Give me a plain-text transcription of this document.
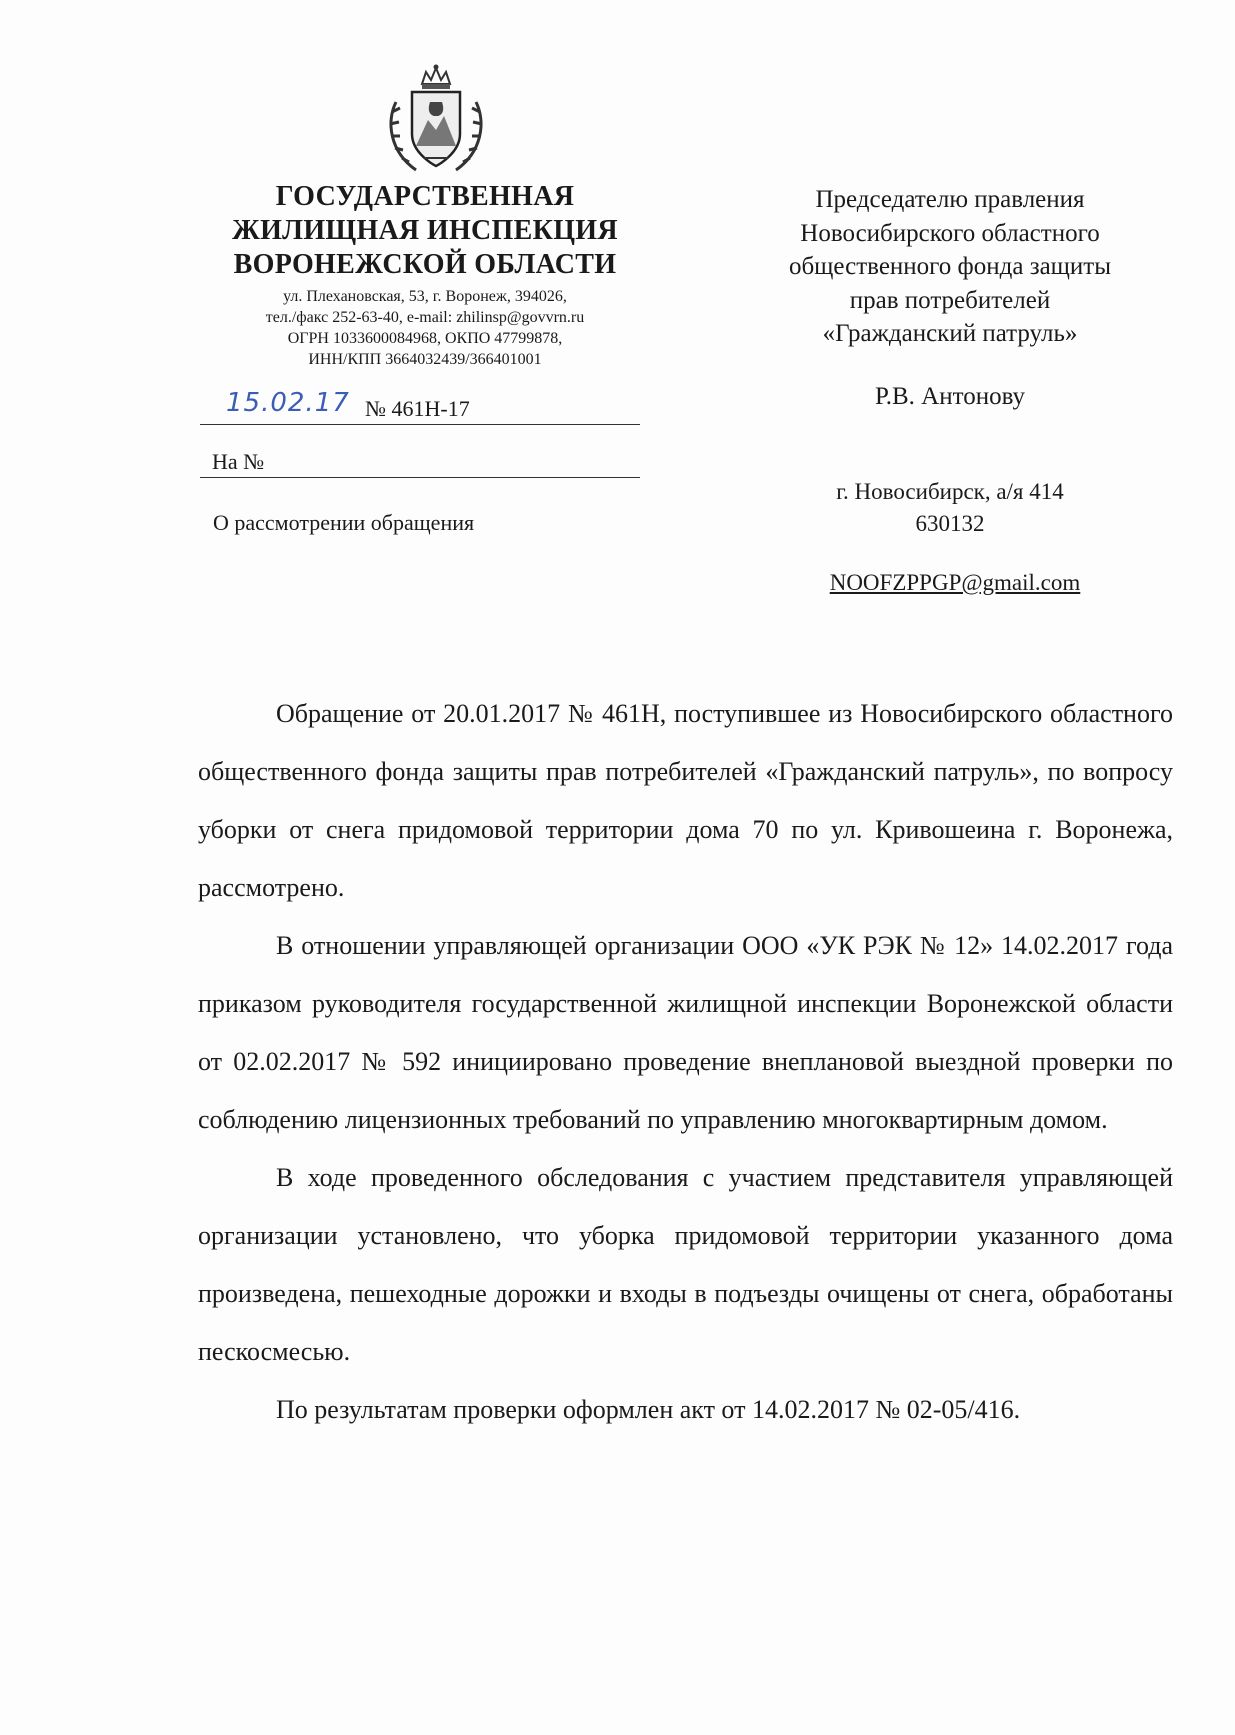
ГОСУДАРСТВЕННАЯ
ЖИЛИЩНАЯ ИНСПЕКЦИЯ
ВОРОНЕЖСКОЙ ОБЛАСТИ
ул. Плехановская, 53, г. Воронеж, 394026,
тел./факс 252-63-40, e-mail: zhilinsp@govvrn.ru
ОГРН 1033600084968, ОКПО 47799878,
ИНН/КПП 3664032439/366401001
15.02.17 № 461Н-17
На №
О рассмотрении обращения
Председателю правления
Новосибирского областного
общественного фонда защиты
прав потребителей
«Гражданский патруль»
Р.В. Антонову
г. Новосибирск, а/я 414
630132
NOOFZPPGP@gmail.com

Обращение от 20.01.2017 № 461Н, поступившее из Новосибирского областного общественного фонда защиты прав потребителей «Гражданский патруль», по вопросу уборки от снега придомовой территории дома 70 по ул. Кривошеина г. Воронежа, рассмотрено.

В отношении управляющей организации ООО «УК РЭК № 12» 14.02.2017 года приказом руководителя государственной жилищной инспекции Воронежской области от 02.02.2017 № 592 инициировано проведение внеплановой выездной проверки по соблюдению лицензионных требований по управлению многоквартирным домом.

В ходе проведенного обследования с участием представителя управляющей организации установлено, что уборка придомовой территории указанного дома произведена, пешеходные дорожки и входы в подъезды очищены от снега, обработаны пескосмесью.

По результатам проверки оформлен акт от 14.02.2017 № 02-05/416.
